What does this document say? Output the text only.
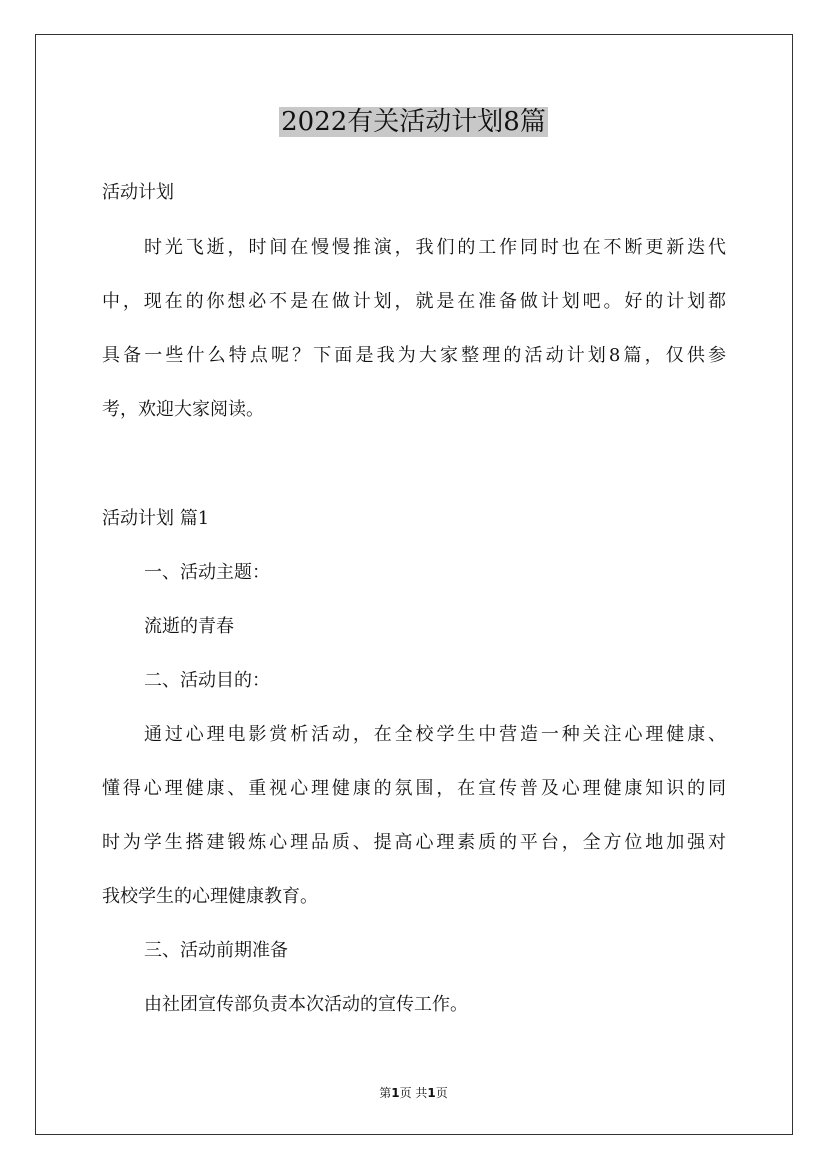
2022有关活动计划8篇
活动计划
时光飞逝，时间在慢慢推演，我们的工作同时也在不断更新迭代
中，现在的你想必不是在做计划，就是在准备做计划吧。好的计划都
具备一些什么特点呢？下面是我为大家整理的活动计划8篇，仅供参
考，欢迎大家阅读。
活动计划 篇1
一、活动主题：
流逝的青春
二、活动目的：
通过心理电影赏析活动，在全校学生中营造一种关注心理健康、
懂得心理健康、重视心理健康的氛围，在宣传普及心理健康知识的同
时为学生搭建锻炼心理品质、提高心理素质的平台，全方位地加强对
我校学生的心理健康教育。
三、活动前期准备
由社团宣传部负责本次活动的宣传工作。
第1页 共1页
